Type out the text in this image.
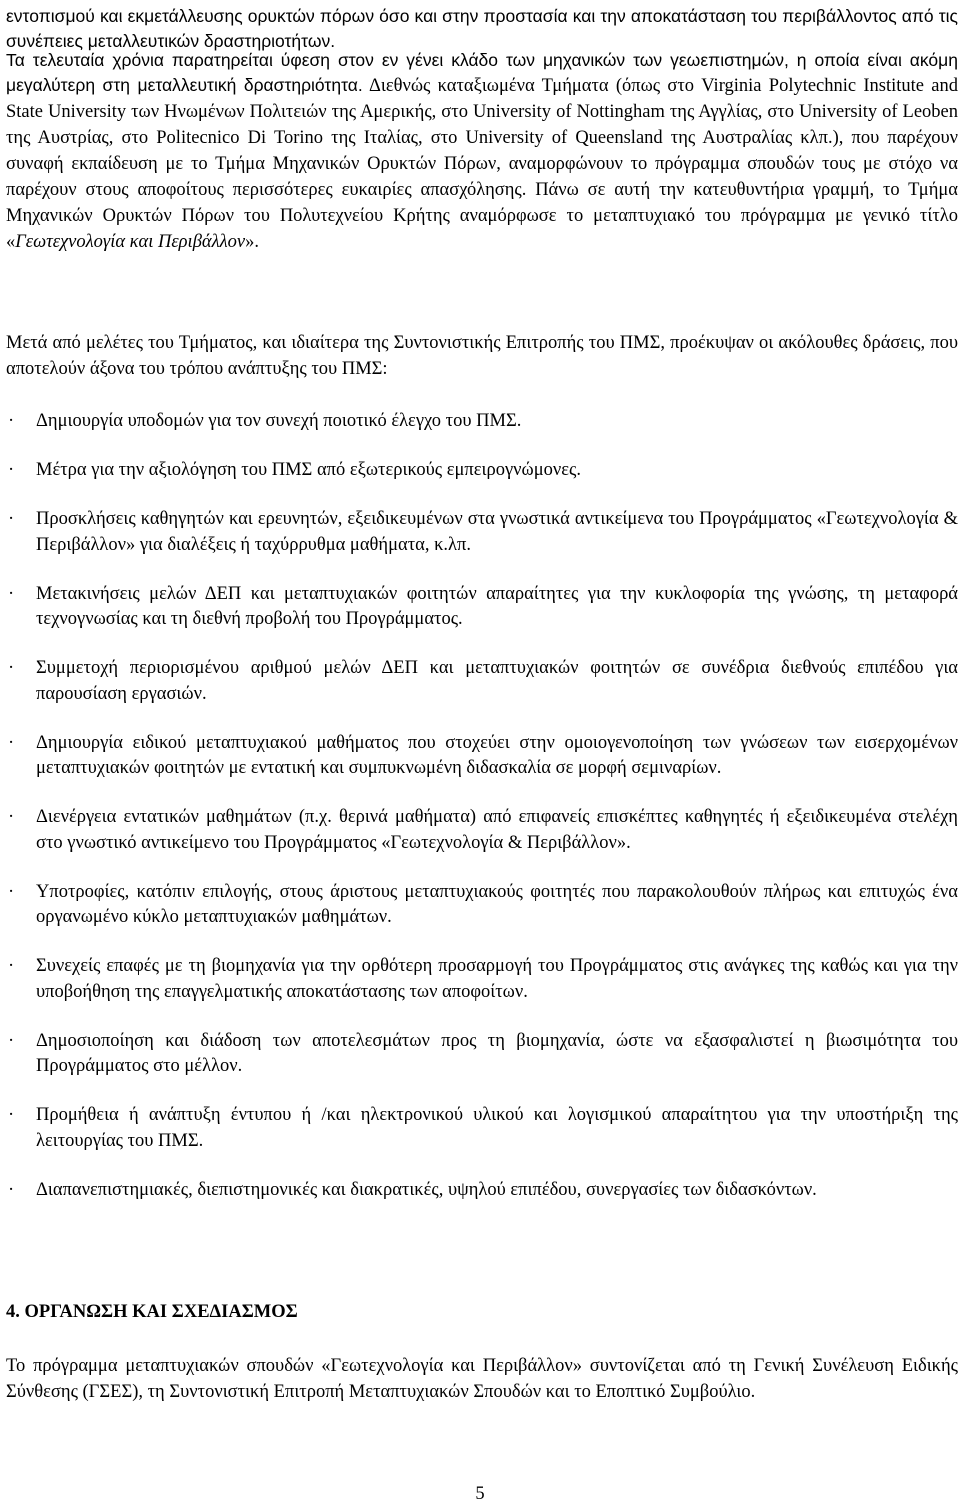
εντοπισμού και εκμετάλλευσης ορυκτών πόρων όσο και στην προστασία και την αποκατάσταση του περιβάλλοντος από τις συνέπειες μεταλλευτικών δραστηριοτήτων.

Τα τελευταία χρόνια παρατηρείται ύφεση στον εν γένει κλάδο των μηχανικών των γεωεπιστημών, η οποία είναι ακόμη μεγαλύτερη στη μεταλλευτική δραστηριότητα. Διεθνώς καταξιωμένα Τμήματα (όπως στο Virginia Polytechnic Institute and State University των Ηνωμένων Πολιτειών της Αμερικής, στο University of Nottingham της Αγγλίας, στο University of Leoben της Αυστρίας, στο Politecnico Di Torino της Ιταλίας, στο University of Queensland της Αυστραλίας κλπ.), που παρέχουν συναφή εκπαίδευση με το Τμήμα Μηχανικών Ορυκτών Πόρων, αναμορφώνουν το πρόγραμμα σπουδών τους με στόχο να παρέχουν στους αποφοίτους περισσότερες ευκαιρίες απασχόλησης. Πάνω σε αυτή την κατευθυντήρια γραμμή, το Τμήμα Μηχανικών Ορυκτών Πόρων του Πολυτεχνείου Κρήτης αναμόρφωσε το μεταπτυχιακό του πρόγραμμα με γενικό τίτλο «Γεωτεχνολογία και Περιβάλλον».

Μετά από μελέτες του Τμήματος, και ιδιαίτερα της Συντονιστικής Επιτροπής του ΠΜΣ, προέκυψαν οι ακόλουθες δράσεις, που αποτελούν άξονα του τρόπου ανάπτυξης του ΠΜΣ:

·	Δημιουργία υποδομών για τον συνεχή ποιοτικό έλεγχο του ΠΜΣ.
·	Μέτρα για την αξιολόγηση του ΠΜΣ από εξωτερικούς εμπειρογνώμονες.
·	Προσκλήσεις καθηγητών και ερευνητών, εξειδικευμένων στα γνωστικά αντικείμενα του Προγράμματος «Γεωτεχνολογία & Περιβάλλον» για διαλέξεις ή ταχύρρυθμα μαθήματα, κ.λπ.
·	Μετακινήσεις μελών ΔΕΠ και μεταπτυχιακών φοιτητών απαραίτητες για την κυκλοφορία της γνώσης, τη μεταφορά τεχνογνωσίας και τη διεθνή προβολή του Προγράμματος.
·	Συμμετοχή περιορισμένου αριθμού μελών ΔΕΠ και μεταπτυχιακών φοιτητών σε συνέδρια διεθνούς επιπέδου για παρουσίαση εργασιών.
·	Δημιουργία ειδικού μεταπτυχιακού μαθήματος που στοχεύει στην ομοιογενοποίηση των γνώσεων των εισερχομένων μεταπτυχιακών φοιτητών με εντατική και συμπυκνωμένη διδασκαλία σε μορφή σεμιναρίων.
·	Διενέργεια εντατικών μαθημάτων (π.χ. θερινά μαθήματα) από επιφανείς επισκέπτες καθηγητές ή εξειδικευμένα στελέχη στο γνωστικό αντικείμενο του Προγράμματος «Γεωτεχνολογία & Περιβάλλον».
·	Υποτροφίες, κατόπιν επιλογής, στους άριστους μεταπτυχιακούς φοιτητές που παρακολουθούν πλήρως και επιτυχώς ένα οργανωμένο κύκλο μεταπτυχιακών μαθημάτων.
·	Συνεχείς επαφές με τη βιομηχανία για την ορθότερη προσαρμογή του Προγράμματος στις ανάγκες της καθώς και για την υποβοήθηση της επαγγελματικής αποκατάστασης των αποφοίτων.
·	Δημοσιοποίηση και διάδοση των αποτελεσμάτων προς τη βιομηχανία, ώστε να εξασφαλιστεί η βιωσιμότητα του Προγράμματος στο μέλλον.
·	Προμήθεια ή ανάπτυξη έντυπου ή /και ηλεκτρονικού υλικού και λογισμικού απαραίτητου για την υποστήριξη της λειτουργίας του ΠΜΣ.
·	Διαπανεπιστημιακές, διεπιστημονικές και διακρατικές, υψηλού επιπέδου, συνεργασίες των διδασκόντων.
4. ΟΡΓΑΝΩΣΗ ΚΑΙ ΣΧΕΔΙΑΣΜΟΣ

Το πρόγραμμα μεταπτυχιακών σπουδών «Γεωτεχνολογία και Περιβάλλον» συντονίζεται από τη Γενική Συνέλευση Ειδικής Σύνθεσης (ΓΣΕΣ), τη Συντονιστική Επιτροπή Μεταπτυχιακών Σπουδών και το Εποπτικό Συμβούλιο.

5
